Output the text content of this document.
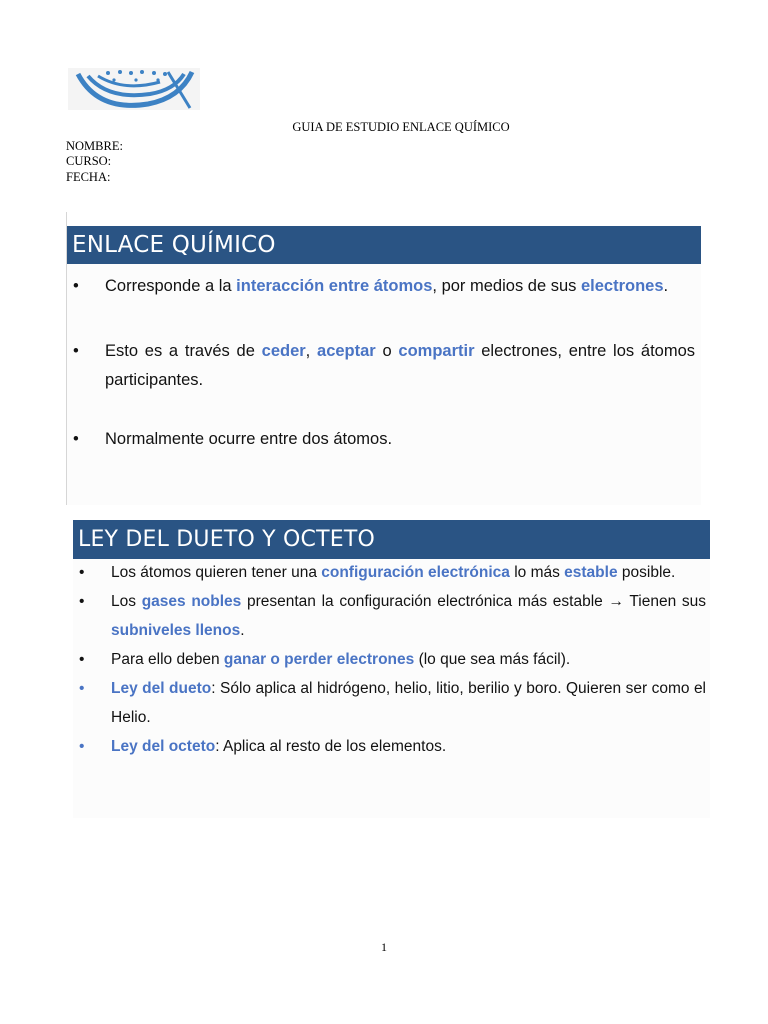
GUIA DE ESTUDIO ENLACE QUÍMICO

NOMBRE:

CURSO:

FECHA:

ENLACE QUÍMICO
• Corresponde a la interacción entre átomos, por medios de sus electrones.
• Esto es a través de ceder, aceptar o compartir electrones, entre los átomos participantes.
• Normalmente ocurre entre dos átomos.
LEY DEL DUETO Y OCTETO
• Los átomos quieren tener una configuración electrónica lo más estable posible.
• Los gases nobles presentan la configuración electrónica más estable → Tienen sus subniveles llenos.
• Para ello deben ganar o perder electrones (lo que sea más fácil).
• Ley del dueto: Sólo aplica al hidrógeno, helio, litio, berilio y boro. Quieren ser como el Helio.
• Ley del octeto: Aplica al resto de los elementos.
1
